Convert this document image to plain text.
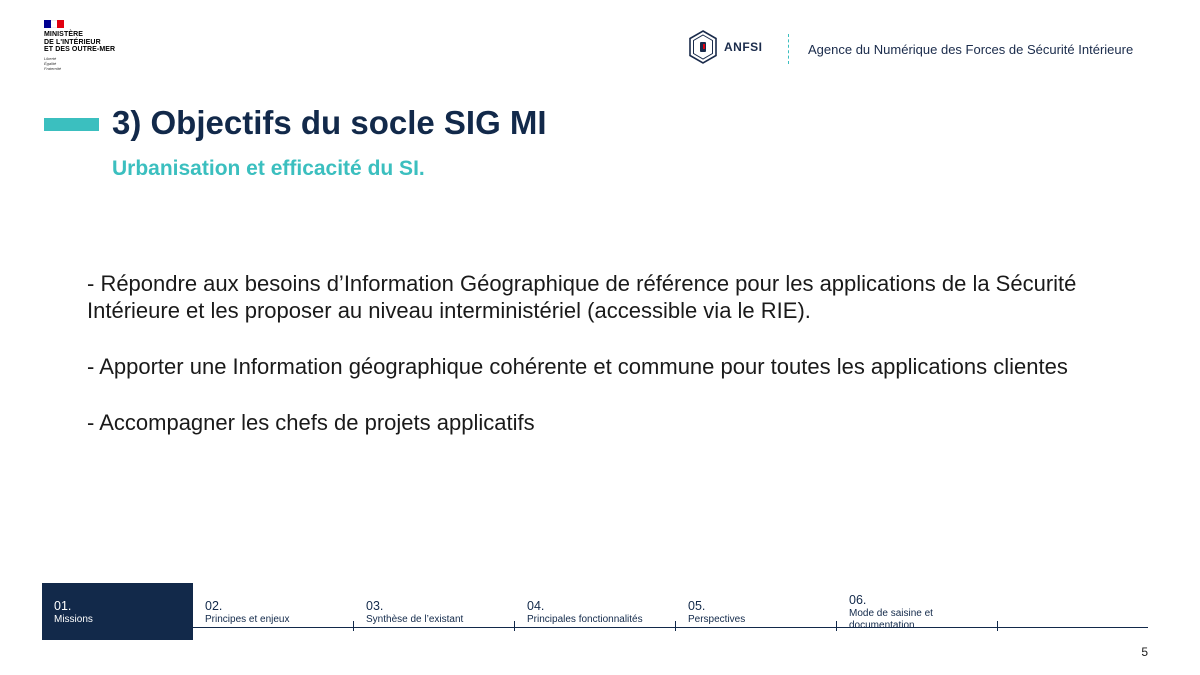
MINISTÈRE
DE L'INTÉRIEUR
ET DES OUTRE-MER
Liberté
Égalité
Fraternité
ANFSI	Agence du Numérique des Forces de Sécurité Intérieure
3) Objectifs du socle SIG MI
Urbanisation et efficacité du SI.

- Répondre aux besoins d’Information Géographique de référence pour les applications de la Sécurité Intérieure et les proposer au niveau interministériel (accessible via le RIE).

- Apporter une Information géographique cohérente et commune pour toutes les applications clientes

- Accompagner les chefs de projets applicatifs

01.
Missions
02.
Principes et enjeux
03.
Synthèse de l’existant
04.
Principales fonctionnalités
05.
Perspectives
06.
Mode de saisine et documentation
5
